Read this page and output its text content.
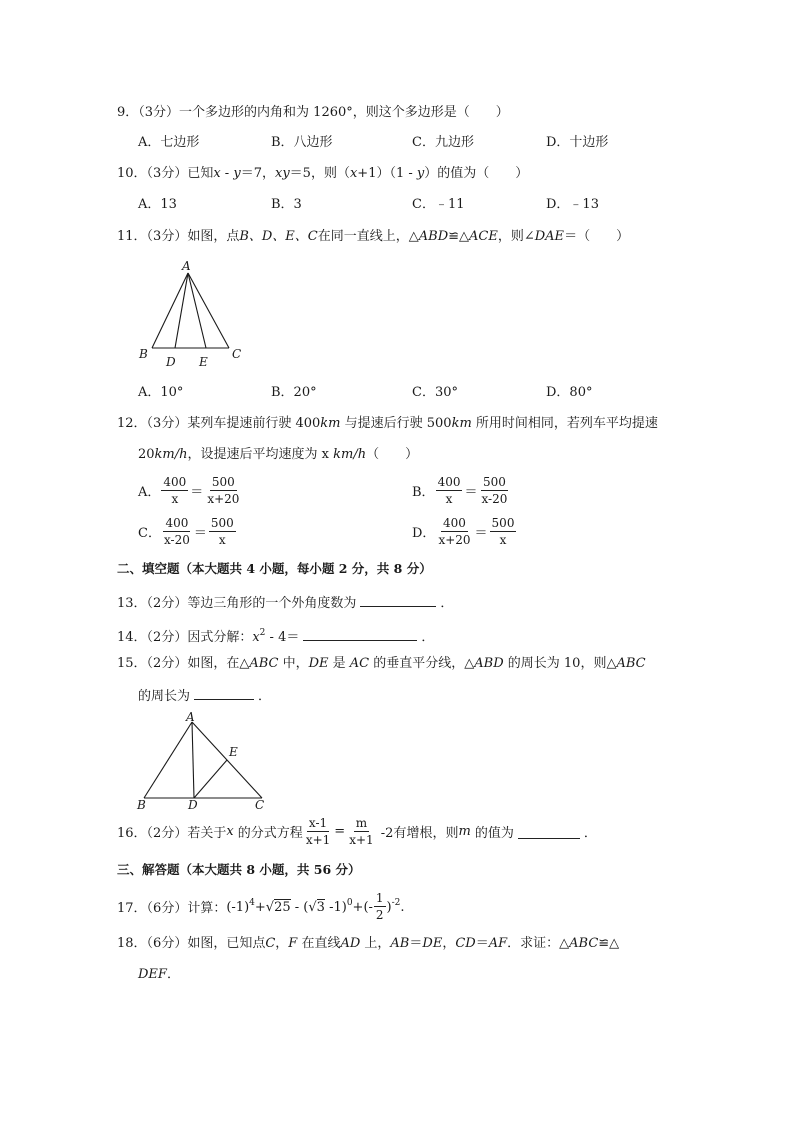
9．（3分）一个多边形的内角和为 1260°，则这个多边形是（　　）
A．七边形	B．八边形	C．九边形	D．十边形
10．（3分）已知x - y＝7，xy＝5，则（x+1）（1 - y）的值为（　　）
A．13	B．3	C．﹣11	D．﹣13
11．（3分）如图，点B、D、E、C在同一直线上，△ABD≌△ACE，则∠DAE＝（　　）
A
B
D E
C
A．10°	B．20°	C．30°	D．80°
12．（3分）某列车提速前行驶 400km 与提速后行驶 500km 所用时间相同，若列车平均提速
20km/h，设提速后平均速度为 x km/h（　　）
A． $\frac{400}{x} = \frac{500}{x+20}$	B． $\frac{400}{x} = \frac{500}{x-20}$
C． $\frac{400}{x-20} = \frac{500}{x}$	D． $\frac{400}{x+20} = \frac{500}{x}$
二、填空题（本大题共 4 小题，每小题 2 分，共 8 分）
13．（2分）等边三角形的一个外角度数为	．
14．（2分）因式分解：$x^2 - 4=$	．
15．（2分）如图，在△ABC 中，DE 是 AC 的垂直平分线，△ABD 的周长为 10，则△ABC
的周长为	．
A
E
B	D	C
16．（2分）若关于x 的分式方程 $\frac{x-1}{x+1} = \frac{m}{x+1} -2$有增根，则m 的值为	．
三、解答题（本大题共 8 小题，共 56 分）
17．（6分）计算：$(-1)^4+√25 - (√3$ $-1)^0+(- \frac{1}{2} )^{-2}$.
18．（6分）如图，已知点C，F 在直线AD 上，AB＝DE，CD＝AF．求证：△ABC≌△
DEF．
